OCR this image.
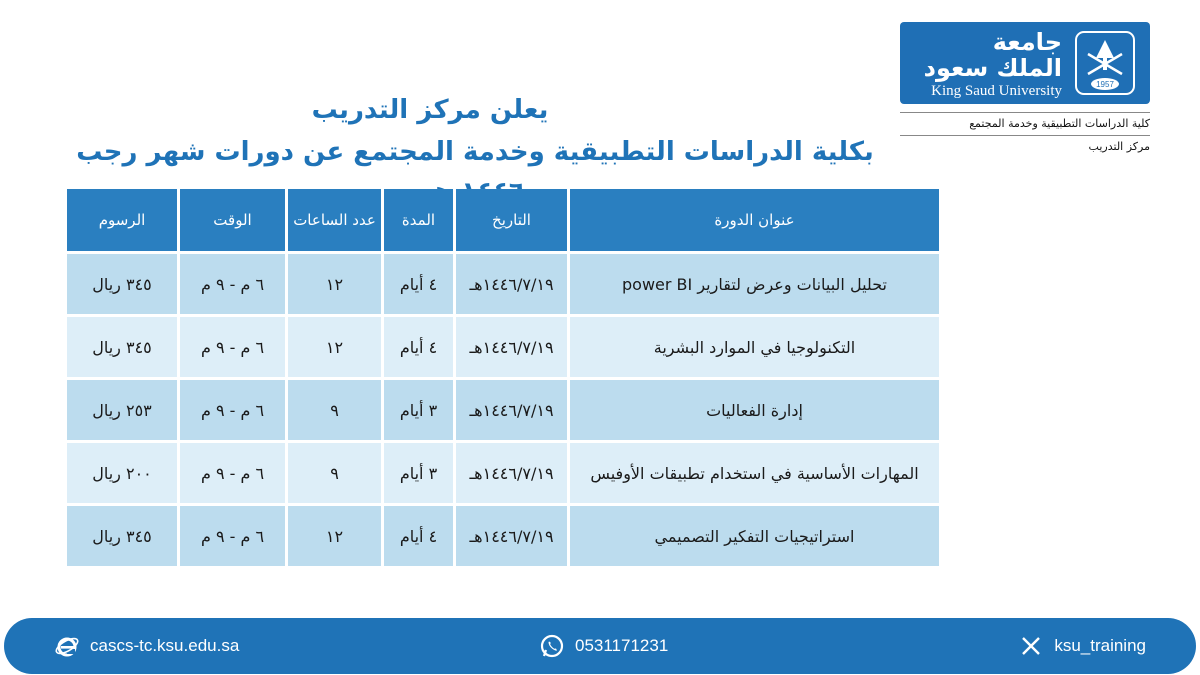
1957
جامعة
الملك سعود
King Saud University
كلية الدراسات التطبيقية وخدمة المجتمع
مركز التدريب
يعلن مركز التدريب
بكلية الدراسات التطبيقية وخدمة المجتمع عن دورات شهر رجب
عنوان الدورة	التاريخ	المدة	عدد الساعات	الوقت	الرسوم
تحليل البيانات وعرض لتقارير power BI	١٤٤٦/٧/١٩هـ	٤ أيام	١٢	٦ م - ٩ م	٣٤٥ ريال
التكنولوجيا في الموارد البشرية	١٤٤٦/٧/١٩هـ	٤ أيام	١٢	٦ م - ٩ م	٣٤٥ ريال
إدارة الفعاليات	١٤٤٦/٧/١٩هـ	٣ أيام	٩	٦ م - ٩ م	٢٥٣ ريال
المهارات الأساسية في استخدام تطبيقات الأوفيس	١٤٤٦/٧/١٩هـ	٣ أيام	٩	٦ م - ٩ م	٢٠٠ ريال
استراتيجيات التفكير التصميمي	١٤٤٦/٧/١٩هـ	٤ أيام	١٢	٦ م - ٩ م	٣٤٥ ريال
cascs-tc.ksu.edu.sa	0531171231	ksu_training
